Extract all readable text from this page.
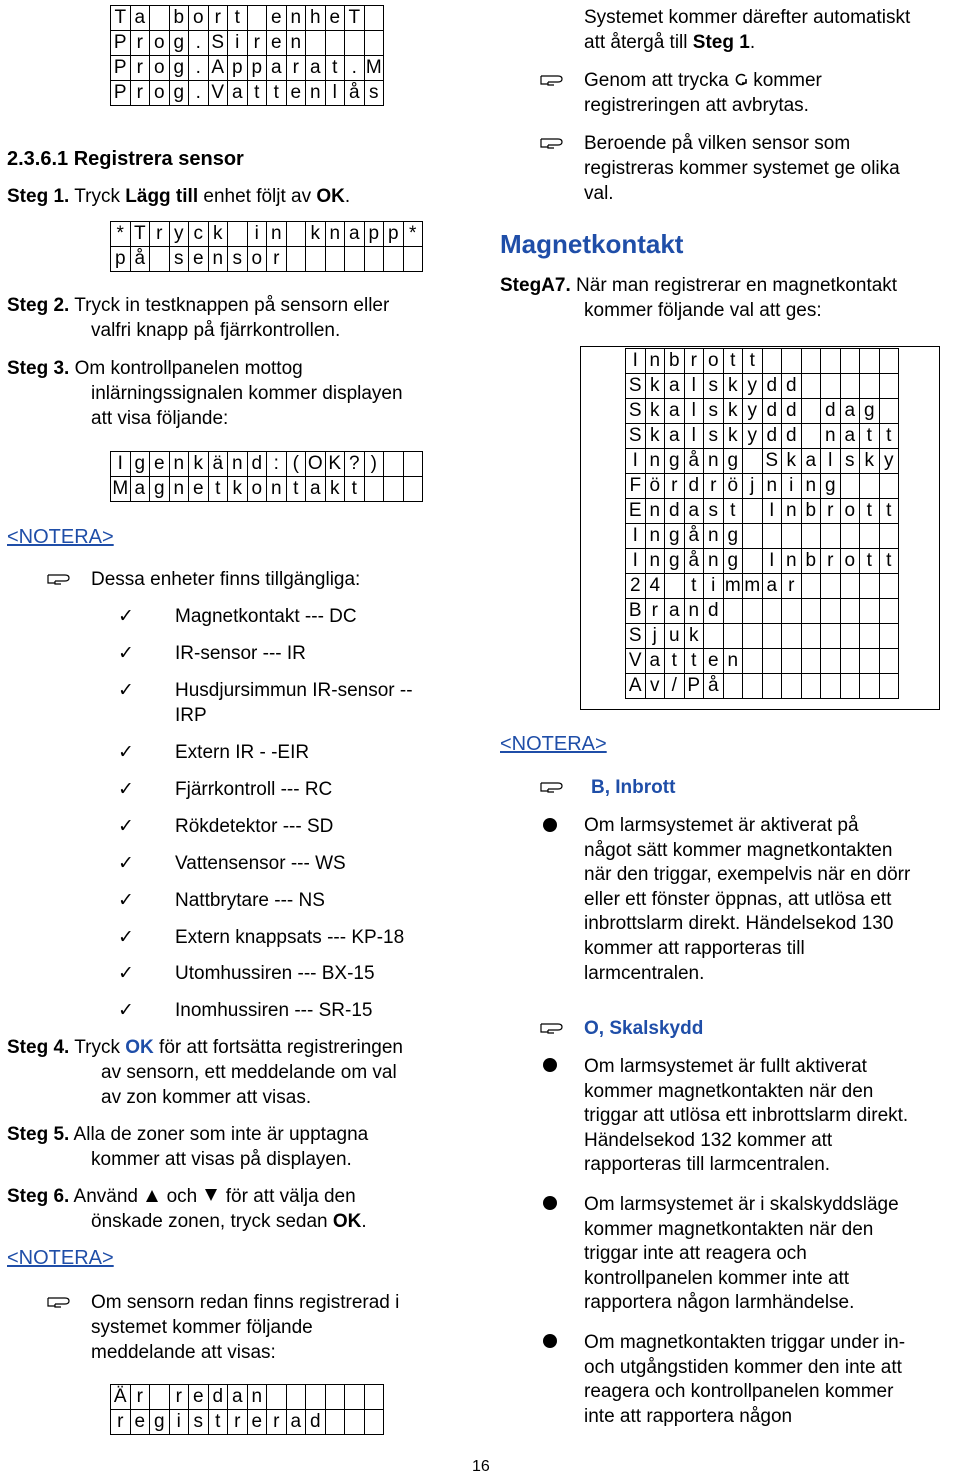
T	a		b	o	r	t		e	n	h	e	T	
P	r	o	g	.	S	i	r	e	n				
P	r	o	g	.	A	p	p	a	r	a	t	.	M
P	r	o	g	.	V	a	t	t	e	n	l	å	s
2.3.6.1 Registrera sensor
Steg 1. Tryck Lägg till enhet följt av OK.
*	T	r	y	c	k		i	n		k	n	a	p	p	*
p	å		s	e	n	s	o	r							
Steg 2. Tryck in testknappen på sensorn eller
valfri knapp på fjärrkontrollen.
Steg 3. Om kontrollpanelen mottog
inlärningssignalen kommer displayen
att visa följande:
I	g	e	n	k	ä	n	d	:	(	O	K	?	)		
M	a	g	n	e	t	k	o	n	t	a	k	t			
<NOTERA>
Dessa enheter finns tillgängliga:
✓ Magnetkontakt --- DC
✓ IR-sensor --- IR
✓ Husdjursimmun IR-sensor --
IRP
✓ Extern IR - -EIR
✓ Fjärrkontroll --- RC
✓ Rökdetektor --- SD
✓ Vattensensor --- WS
✓ Nattbrytare --- NS
✓ Extern knappsats --- KP-18
✓ Utomhussiren --- BX-15
✓ Inomhussiren --- SR-15
Steg 4. Tryck OK för att fortsätta registreringen
av sensorn, ett meddelande om val
av zon kommer att visas.
Steg 5. Alla de zoner som inte är upptagna
kommer att visas på displayen.
Steg 6. Använd och för att välja den
önskade zonen, tryck sedan OK.
<NOTERA>
Om sensorn redan finns registrerad i
systemet kommer följande
meddelande att visas:
Ä	r		r	e	d	a	n						
r	e	g	i	s	t	r	e	r	a	d			
16
Systemet kommer därefter automatiskt
att återgå till Steg 1.
Genom att trycka kommer
registreringen att avbrytas.
Beroende på vilken sensor som
registreras kommer systemet ge olika
val.
Magnetkontakt
StegA7. När man registrerar en magnetkontakt
kommer följande val att ges:
I	n	b	r	o	t	t							
S	k	a	l	s	k	y	d	d					
S	k	a	l	s	k	y	d	d		d	a	g	
S	k	a	l	s	k	y	d	d		n	a	t	t
I	n	g	å	n	g		S	k	a	l	s	k	y
F	ö	r	d	r	ö	j	n	i	n	g			
E	n	d	a	s	t		I	n	b	r	o	t	t
I	n	g	å	n	g								
I	n	g	å	n	g		I	n	b	r	o	t	t
2	4		t	i	m	m	a	r					
B	r	a	n	d									
S	j	u	k										
V	a	t	t	e	n								
A	v	/	P	å									
<NOTERA>
B, Inbrott
Om larmsystemet är aktiverat på
något sätt kommer magnetkontakten
när den triggar, exempelvis när en dörr
eller ett fönster öppnas, att utlösa ett
inbrottslarm direkt. Händelsekod 130
kommer att rapporteras till
larmcentralen.
O, Skalskydd
Om larmsystemet är fullt aktiverat
kommer magnetkontakten när den
triggar att utlösa ett inbrottslarm direkt.
Händelsekod 132 kommer att
rapporteras till larmcentralen.
Om larmsystemet är i skalskyddsläge
kommer magnetkontakten när den
triggar inte att reagera och
kontrollpanelen kommer inte att
rapportera någon larmhändelse.
Om magnetkontakten triggar under in-
och utgångstiden kommer den inte att
reagera och kontrollpanelen kommer
inte att rapportera någon
